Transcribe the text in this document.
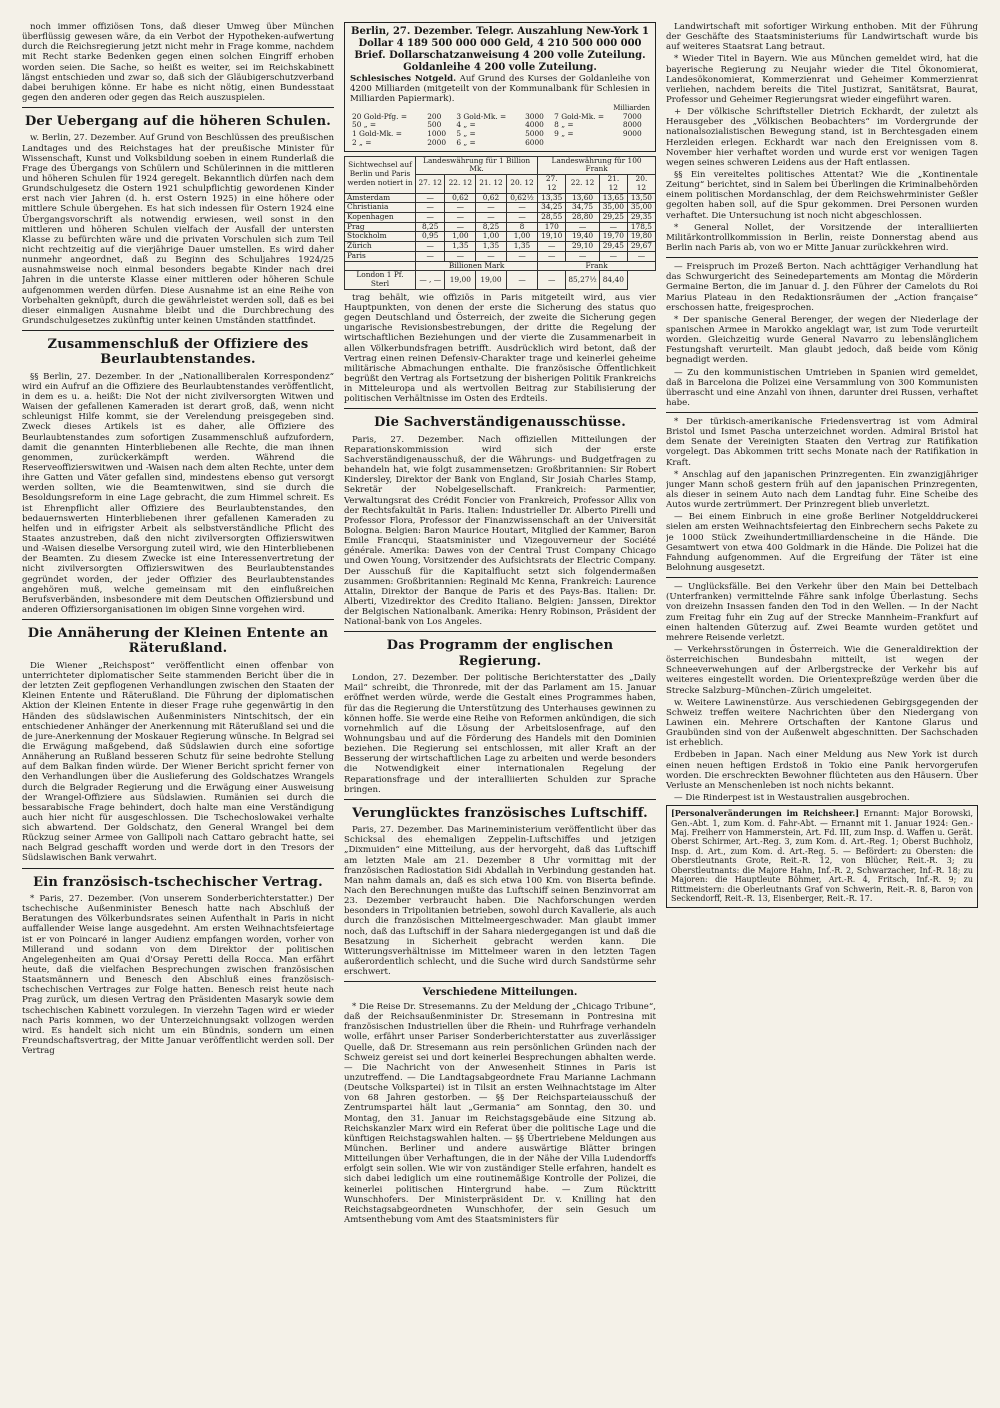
noch immer offiziösen Tons, daß dieser Umweg über München überflüssig gewesen wäre, da ein Verbot der Hypotheken-aufwertung durch die Reichsregierung jetzt nicht mehr in Frage komme, nachdem mit Recht starke Bedenken gegen einen solchen Eingriff erhoben worden seien. Die Sache, so heißt es weiter, sei im Reichskabinett längst entschieden und zwar so, daß sich der Gläubigerschutzverband dabei beruhigen könne. Er habe es nicht nötig, einen Bundesstaat gegen den anderen oder gegen das Reich auszuspielen.

Der Uebergang auf die höheren Schulen.

w. Berlin, 27. Dezember. Auf Grund von Beschlüssen des preußischen Landtages und des Reichstages hat der preußische Minister für Wissenschaft, Kunst und Volksbildung soeben in einem Runderlaß die Frage des Übergangs von Schülern und Schülerinnen in die mittleren und höheren Schulen für 1924 geregelt. Bekanntlich dürfen nach dem Grundschulgesetz die Ostern 1921 schulpflichtig gewordenen Kinder erst nach vier Jahren (d. h. erst Ostern 1925) in eine höhere oder mittlere Schule übergehen. Es hat sich indessen für Ostern 1924 eine Übergangsvorschrift als notwendig erwiesen, weil sonst in den mittleren und höheren Schulen vielfach der Ausfall der untersten Klasse zu befürchten wäre und die privaten Vorschulen sich zum Teil nicht rechtzeitig auf die vierjährige Dauer umstellen. Es wird daher nunmehr angeordnet, daß zu Beginn des Schuljahres 1924/25 ausnahmsweise noch einmal besonders begabte Kinder nach drei Jahren in die unterste Klasse einer mittleren oder höheren Schule aufgenommen werden dürfen. Diese Ausnahme ist an eine Reihe von Vorbehalten geknüpft, durch die gewährleistet werden soll, daß es bei dieser einmaligen Ausnahme bleibt und die Durchbrechung des Grundschulgesetzes zukünftig unter keinen Umständen stattfindet.

Zusammenschluß der Offiziere des Beurlaubtenstandes.

§§ Berlin, 27. Dezember. In der „Nationalliberalen Korrespondenz“ wird ein Aufruf an die Offiziere des Beurlaubtenstandes veröffentlicht, in dem es u. a. heißt: Die Not der nicht zivilversorgten Witwen und Waisen der gefallenen Kameraden ist derart groß, daß, wenn nicht schleunigst Hilfe kommt, sie der Verelendung preisgegeben sind. Zweck dieses Artikels ist es daher, alle Offiziere des Beurlaubtenstandes zum sofortigen Zusammenschluß aufzufordern, damit die genannten Hinterbliebenen alle Rechte, die man ihnen genommen, zurückerkämpft werden. Während die Reserveoffizierswitwen und -Waisen nach dem alten Rechte, unter dem ihre Gatten und Väter gefallen sind, mindestens ebenso gut versorgt werden sollten, wie die Beamtenwitwen, sind sie durch die Besoldungsreform in eine Lage gebracht, die zum Himmel schreit. Es ist Ehrenpflicht aller Offiziere des Beurlaubtenstandes, den bedauernswerten Hinterbliebenen ihrer gefallenen Kameraden zu helfen und in eifrigster Arbeit als selbstverständliche Pflicht des Staates anzustreben, daß den nicht zivilversorgten Offizierswitwen und -Waisen dieselbe Versorgung zuteil wird, wie den Hinterbliebenen der Beamten. Zu diesem Zwecke ist eine Interessenvertretung der nicht zivilversorgten Offizierswitwen des Beurlaubtenstandes gegründet worden, der jeder Offizier des Beurlaubtenstandes angehören muß, welche gemeinsam mit den einflußreichen Berufsverbänden, insbesondere mit dem Deutschen Offiziersbund und anderen Offiziersorganisationen im obigen Sinne vorgehen wird.

Die Annäherung der Kleinen Entente an Räterußland.

Die Wiener „Reichspost“ veröffentlicht einen offenbar von unterrichteter diplomatischer Seite stammenden Bericht über die in der letzten Zeit gepflogenen Verhandlungen zwischen den Staaten der Kleinen Entente und Räterußland. Die Führung der diplomatischen Aktion der Kleinen Entente in dieser Frage ruhe gegenwärtig in den Händen des südslawischen Außenministers Nintschitsch, der ein entschiedener Anhänger der Anerkennung mit Räterußland sei und die de jure-Anerkennung der Moskauer Regierung wünsche. In Belgrad sei die Erwägung maßgebend, daß Südslawien durch eine sofortige Annäherung an Rußland besseren Schutz für seine bedrohte Stellung auf dem Balkan finden würde. Der Wiener Bericht spricht ferner von den Verhandlungen über die Auslieferung des Goldschatzes Wrangels durch die Belgrader Regierung und die Erwägung einer Ausweisung der Wrangel-Offiziere aus Südslawien. Rumänien sei durch die bessarabische Frage behindert, doch halte man eine Verständigung auch hier nicht für ausgeschlossen. Die Tschechoslowakei verhalte sich abwartend. Der Goldschatz, den General Wrangel bei dem Rückzug seiner Armee von Gallipoli nach Cattaro gebracht hatte, sei nach Belgrad geschafft worden und werde dort in den Tresors der Südslawischen Bank verwahrt.

Ein französisch-tschechischer Vertrag.

* Paris, 27. Dezember. (Von unserem Sonderberichterstatter.) Der tschechische Außenminister Benesch hatte nach Abschluß der Beratungen des Völkerbundsrates seinen Aufenthalt in Paris in nicht auffallender Weise lange ausgedehnt. Am ersten Weihnachtsfeiertage ist er von Poincaré in langer Audienz empfangen worden, vorher von Millerand und sodann von dem Direktor der politischen Angelegenheiten am Quai d'Orsay Peretti della Rocca. Man erfährt heute, daß die vielfachen Besprechungen zwischen französischen Staatsmännern und Benesch den Abschluß eines französisch-tschechischen Vertrages zur Folge hatten. Benesch reist heute nach Prag zurück, um diesen Vertrag den Präsidenten Masaryk sowie dem tschechischen Kabinett vorzulegen. In vierzehn Tagen wird er wieder nach Paris kommen, wo der Unterzeichnungsakt vollzogen werden wird. Es handelt sich nicht um ein Bündnis, sondern um einen Freundschaftsvertrag, der Mitte Januar veröffentlicht werden soll. Der Vertrag

Berlin, 27. Dezember. Telegr. Auszahlung New-York 1 Dollar 4 189 500 000 000 Geld, 4 210 500 000 000 Brief. Dollarschatzanweisung 4 200 volle Zuteilung. Goldanleihe 4 200 volle Zuteilung.
Schlesisches Notgeld. Auf Grund des Kurses der Goldanleihe von 4200 Milliarden (mitgeteilt von der Kommunalbank für Schlesien in Milliarden Papiermark).
Milliarden
20 Gold-Pfg. =	200	3 Gold-Mk. =	3000	7 Gold-Mk. =	7000
50 „ =	500	4 „ =	4000	8 „ =	8000
1 Gold-Mk. =	1000	5 „ =	5000	9 „ =	9000
2 „ =	2000	6 „ =	6000		
Sichtwechsel auf Berlin und Paris werden notiert in	Landeswährung für 1 Billion Mk.				Landeswährung für 100 Frank			
	27. 12	22. 12	21. 12	20. 12	27. 12	22. 12	21. 12	20. 12
Amsterdam	—	0,62	0,62	0,62½	13,35	13,60	13,65	13,50
Christiania	—	—	—	—	34,25	34,75	35,00	35,00
Kopenhagen	—	—	—	—	28,55	28,80	29,25	29,35
Prag	8,25	—	8,25	8	170	—	—	178,5
Stockholm	0,95	1,00	1,00	1,00	19,10	19,40	19,70	19,80
Zürich	—	1,35	1,35	1,35	—	29,10	29,45	29,67
Paris	—	—	—	—	—	—	—	—
	Billionen Mark				Frank			
London 1 Pf. Sterl	— , —	19,00	19,00	—	—	85,27½	84,40	

trag behält, wie offiziös in Paris mitgeteilt wird, aus vier Hauptpunkten, von denen der erste die Sicherung des status quo gegen Deutschland und Österreich, der zweite die Sicherung gegen ungarische Revisionsbestrebungen, der dritte die Regelung der wirtschaftlichen Beziehungen und der vierte die Zusammenarbeit in allen Völkerbundsfragen betrifft. Ausdrücklich wird betont, daß der Vertrag einen reinen Defensiv-Charakter trage und keinerlei geheime militärische Abmachungen enthalte. Die französische Öffentlichkeit begrüßt den Vertrag als Fortsetzung der bisherigen Politik Frankreichs in Mitteleuropa und als wertvollen Beitrag zur Stabilisierung der politischen Verhältnisse im Osten des Erdteils.

Die Sachverständigenausschüsse.

Paris, 27. Dezember. Nach offiziellen Mitteilungen der Reparationskommission wird sich der erste Sachverständigenausschuß, der die Währungs- und Budgetfragen zu behandeln hat, wie folgt zusammensetzen: Großbritannien: Sir Robert Kindersley, Direktor der Bank von England, Sir Josiah Charles Stamp, Sekretär der Nobelgesellschaft. Frankreich: Parmentier, Verwaltungsrat des Crédit Foncier von Frankreich, Professor Allix von der Rechtsfakultät in Paris. Italien: Industrieller Dr. Alberto Pirelli und Professor Flora, Professor der Finanzwissenschaft an der Universität Bologna. Belgien: Baron Maurice Houtart, Mitglied der Kammer, Baron Emile Francqui, Staatsminister und Vizegouverneur der Société générale. Amerika: Dawes von der Central Trust Company Chicago und Owen Young, Vorsitzender des Aufsichtsrats der Electric Company. Der Ausschuß für die Kapitalflucht setzt sich folgendermaßen zusammen: Großbritannien: Reginald Mc Kenna, Frankreich: Laurence Attalin, Direktor der Banque de Paris et des Pays-Bas. Italien: Dr. Alberti, Vizedirektor des Credito Italiano. Belgien: Janssen, Direktor der Belgischen Nationalbank. Amerika: Henry Robinson, Präsident der National-bank von Los Angeles.

Das Programm der englischen Regierung.

London, 27. Dezember. Der politische Berichterstatter des „Daily Mail“ schreibt, die Thronrede, mit der das Parlament am 15. Januar eröffnet werden würde, werde die Gestalt eines Programmes haben, für das die Regierung die Unterstützung des Unterhauses gewinnen zu können hoffe. Sie werde eine Reihe von Reformen ankündigen, die sich vornehmlich auf die Lösung der Arbeitslosenfrage, auf den Wohnungsbau und auf die Förderung des Handels mit den Dominien beziehen. Die Regierung sei entschlossen, mit aller Kraft an der Besserung der wirtschaftlichen Lage zu arbeiten und werde besonders die Notwendigkeit einer internationalen Regelung der Reparationsfrage und der interalliierten Schulden zur Sprache bringen.

Verunglücktes französisches Luftschiff.

Paris, 27. Dezember. Das Marineministerium veröffentlicht über das Schicksal des ehemaligen Zeppelin-Luftschiffes und jetzigen „Dixmuiden“ eine Mitteilung, aus der hervorgeht, daß das Luftschiff am letzten Male am 21. Dezember 8 Uhr vormittag mit der französischen Radiostation Sidi Abdallah in Verbindung gestanden hat. Man nahm damals an, daß es sich etwa 100 Km. von Biserta befinde. Nach den Berechnungen mußte das Luftschiff seinen Benzinvorrat am 23. Dezember verbraucht haben. Die Nachforschungen werden besonders in Tripolitanien betrieben, sowohl durch Kavallerie, als auch durch die französischen Mittelmeergeschwader. Man glaubt immer noch, daß das Luftschiff in der Sahara niedergegangen ist und daß die Besatzung in Sicherheit gebracht werden kann. Die Witterungsverhältnisse im Mittelmeer waren in den letzten Tagen außerordentlich schlecht, und die Suche wird durch Sandstürme sehr erschwert.

Verschiedene Mitteilungen.

* Die Reise Dr. Stresemanns. Zu der Meldung der „Chicago Tribune“, daß der Reichsaußenminister Dr. Stresemann in Pontresina mit französischen Industriellen über die Rhein- und Ruhrfrage verhandeln wolle, erfährt unser Pariser Sonderberichterstatter aus zuverlässiger Quelle, daß Dr. Stresemann aus rein persönlichen Gründen nach der Schweiz gereist sei und dort keinerlei Besprechungen abhalten werde. — Die Nachricht von der Anwesenheit Stinnes in Paris ist unzutreffend. — Die Landtagsabgeordnete Frau Marianne Lachmann (Deutsche Volkspartei) ist in Tilsit an ersten Weihnachtstage im Alter von 68 Jahren gestorben. — §§ Der Reichsparteiausschuß der Zentrumspartei hält laut „Germania“ am Sonntag, den 30. und Montag, den 31. Januar im Reichstagsgebäude eine Sitzung ab. Reichskanzler Marx wird ein Referat über die politische Lage und die künftigen Reichstagswahlen halten. — §§ Übertriebene Meldungen aus München. Berliner und andere auswärtige Blätter bringen Mitteilungen über Verhaftungen, die in der Nähe der Villa Ludendorffs erfolgt sein sollen. Wie wir von zuständiger Stelle erfahren, handelt es sich dabei lediglich um eine routinemäßige Kontrolle der Polizei, die keinerlei politischen Hintergrund habe. — Zum Rücktritt Wunschhofers. Der Ministerpräsident Dr. v. Knilling hat den Reichstagsabgeordneten Wunschhofer, der sein Gesuch um Amtsenthebung vom Amt des Staatsministers für

Landwirtschaft mit sofortiger Wirkung enthoben. Mit der Führung der Geschäfte des Staatsministeriums für Landwirtschaft wurde bis auf weiteres Staatsrat Lang betraut.

* Wieder Titel in Bayern. Wie aus München gemeldet wird, hat die bayerische Regierung zu Neujahr wieder die Titel Ökonomierat, Landesökonomierat, Kommerzienrat und Geheimer Kommerzienrat verliehen, nachdem bereits die Titel Justizrat, Sanitätsrat, Baurat, Professor und Geheimer Regierungsrat wieder eingeführt waren.

+ Der völkische Schriftsteller Dietrich Eckhardt, der zuletzt als Herausgeber des „Völkischen Beobachters“ im Vordergrunde der nationalsozialistischen Bewegung stand, ist in Berchtesgaden einem Herzleiden erlegen. Eckhardt war nach den Ereignissen vom 8. November hier verhaftet worden und wurde erst vor wenigen Tagen wegen seines schweren Leidens aus der Haft entlassen.

§§ Ein vereiteltes politisches Attentat? Wie die „Kontinentale Zeitung“ berichtet, sind in Salem bei Überlingen die Kriminalbehörden einem politischen Mordanschlag, der dem Reichswehrminister Geßler gegolten haben soll, auf die Spur gekommen. Drei Personen wurden verhaftet. Die Untersuchung ist noch nicht abgeschlossen.

* General Nollet, der Vorsitzende der interalliierten Militärkontrollkommission in Berlin, reiste Donnerstag abend aus Berlin nach Paris ab, von wo er Mitte Januar zurückkehren wird.

— Freispruch im Prozeß Berton. Nach achttägiger Verhandlung hat das Schwurgericht des Seinedepartements am Montag die Mörderin Germaine Berton, die im Januar d. J. den Führer der Camelots du Roi Marius Plateau in den Redaktionsräumen der „Action française“ erschossen hatte, freigesprochen.

* Der spanische General Berenger, der wegen der Niederlage der spanischen Armee in Marokko angeklagt war, ist zum Tode verurteilt worden. Gleichzeitig wurde General Navarro zu lebenslänglichem Festungshaft verurteilt. Man glaubt jedoch, daß beide vom König begnadigt werden.

— Zu den kommunistischen Umtrieben in Spanien wird gemeldet, daß in Barcelona die Polizei eine Versammlung von 300 Kommunisten überrascht und eine Anzahl von ihnen, darunter drei Russen, verhaftet habe.

* Der türkisch-amerikanische Friedensvertrag ist vom Admiral Bristol und Ismet Pascha unterzeichnet worden. Admiral Bristol hat dem Senate der Vereinigten Staaten den Vertrag zur Ratifikation vorgelegt. Das Abkommen tritt sechs Monate nach der Ratifikation in Kraft.

* Anschlag auf den japanischen Prinzregenten. Ein zwanzigjähriger junger Mann schoß gestern früh auf den japanischen Prinzregenten, als dieser in seinem Auto nach dem Landtag fuhr. Eine Scheibe des Autos wurde zertrümmert. Der Prinzregent blieb unverletzt.

— Bei einem Einbruch in eine große Berliner Notgelddruckerei sielen am ersten Weihnachtsfeiertag den Einbrechern sechs Pakete zu je 1000 Stück Zweihundertmilliardenscheine in die Hände. Die Gesamtwert von etwa 400 Goldmark in die Hände. Die Polizei hat die Fahndung aufgenommen. Auf die Ergreifung der Täter ist eine Belohnung ausgesetzt.

— Unglücksfälle. Bei den Verkehr über den Main bei Dettelbach (Unterfranken) vermittelnde Fähre sank infolge Überlastung. Sechs von dreizehn Insassen fanden den Tod in den Wellen. — In der Nacht zum Freitag fuhr ein Zug auf der Strecke Mannheim–Frankfurt auf einen haltenden Güterzug auf. Zwei Beamte wurden getötet und mehrere Reisende verletzt.

— Verkehrsstörungen in Österreich. Wie die Generaldirektion der österreichischen Bundesbahn mitteilt, ist wegen der Schneeverwehungen auf der Arlbergstrecke der Verkehr bis auf weiteres eingestellt worden. Die Orientexpreßzüge werden über die Strecke Salzburg–München–Zürich umgeleitet.

w. Weitere Lawinenstürze. Aus verschiedenen Gebirgsgegenden der Schweiz treffen weitere Nachrichten über den Niedergang von Lawinen ein. Mehrere Ortschaften der Kantone Glarus und Graubünden sind von der Außenwelt abgeschnitten. Der Sachschaden ist erheblich.

Erdbeben in Japan. Nach einer Meldung aus New York ist durch einen neuen heftigen Erdstoß in Tokio eine Panik hervorgerufen worden. Die erschreckten Bewohner flüchteten aus den Häusern. Über Verluste an Menschenleben ist noch nichts bekannt.

— Die Rinderpest ist in Westaustralien ausgebrochen.

[Personalveränderungen im Reichsheer.] Ernannt: Major Borowski, Gen.-Abt. 1, zum Kom. d. Fahr-Abt. — Ernannt mit 1. Januar 1924: Gen.-Maj. Freiherr von Hammerstein, Art. Fd. III, zum Insp. d. Waffen u. Gerät. Oberst Schirmer, Art.-Reg. 3, zum Kom. d. Art.-Reg. 1; Oberst Buchholz, Insp. d. Art., zum Kom. d. Art.-Reg. 5. — Befördert: zu Obersten: die Oberstleutnants Grote, Reit.-R. 12, von Blücher, Reit.-R. 3; zu Oberstleutnants: die Majore Hahn, Inf.-R. 2, Schwarzacher, Inf.-R. 18; zu Majoren: die Hauptleute Böhmer, Art.-R. 4, Fritsch, Inf.-R. 9; zu Rittmeistern: die Oberleutnants Graf von Schwerin, Reit.-R. 8, Baron von Seckendorff, Reit.-R. 13, Eisenberger, Reit.-R. 17.
